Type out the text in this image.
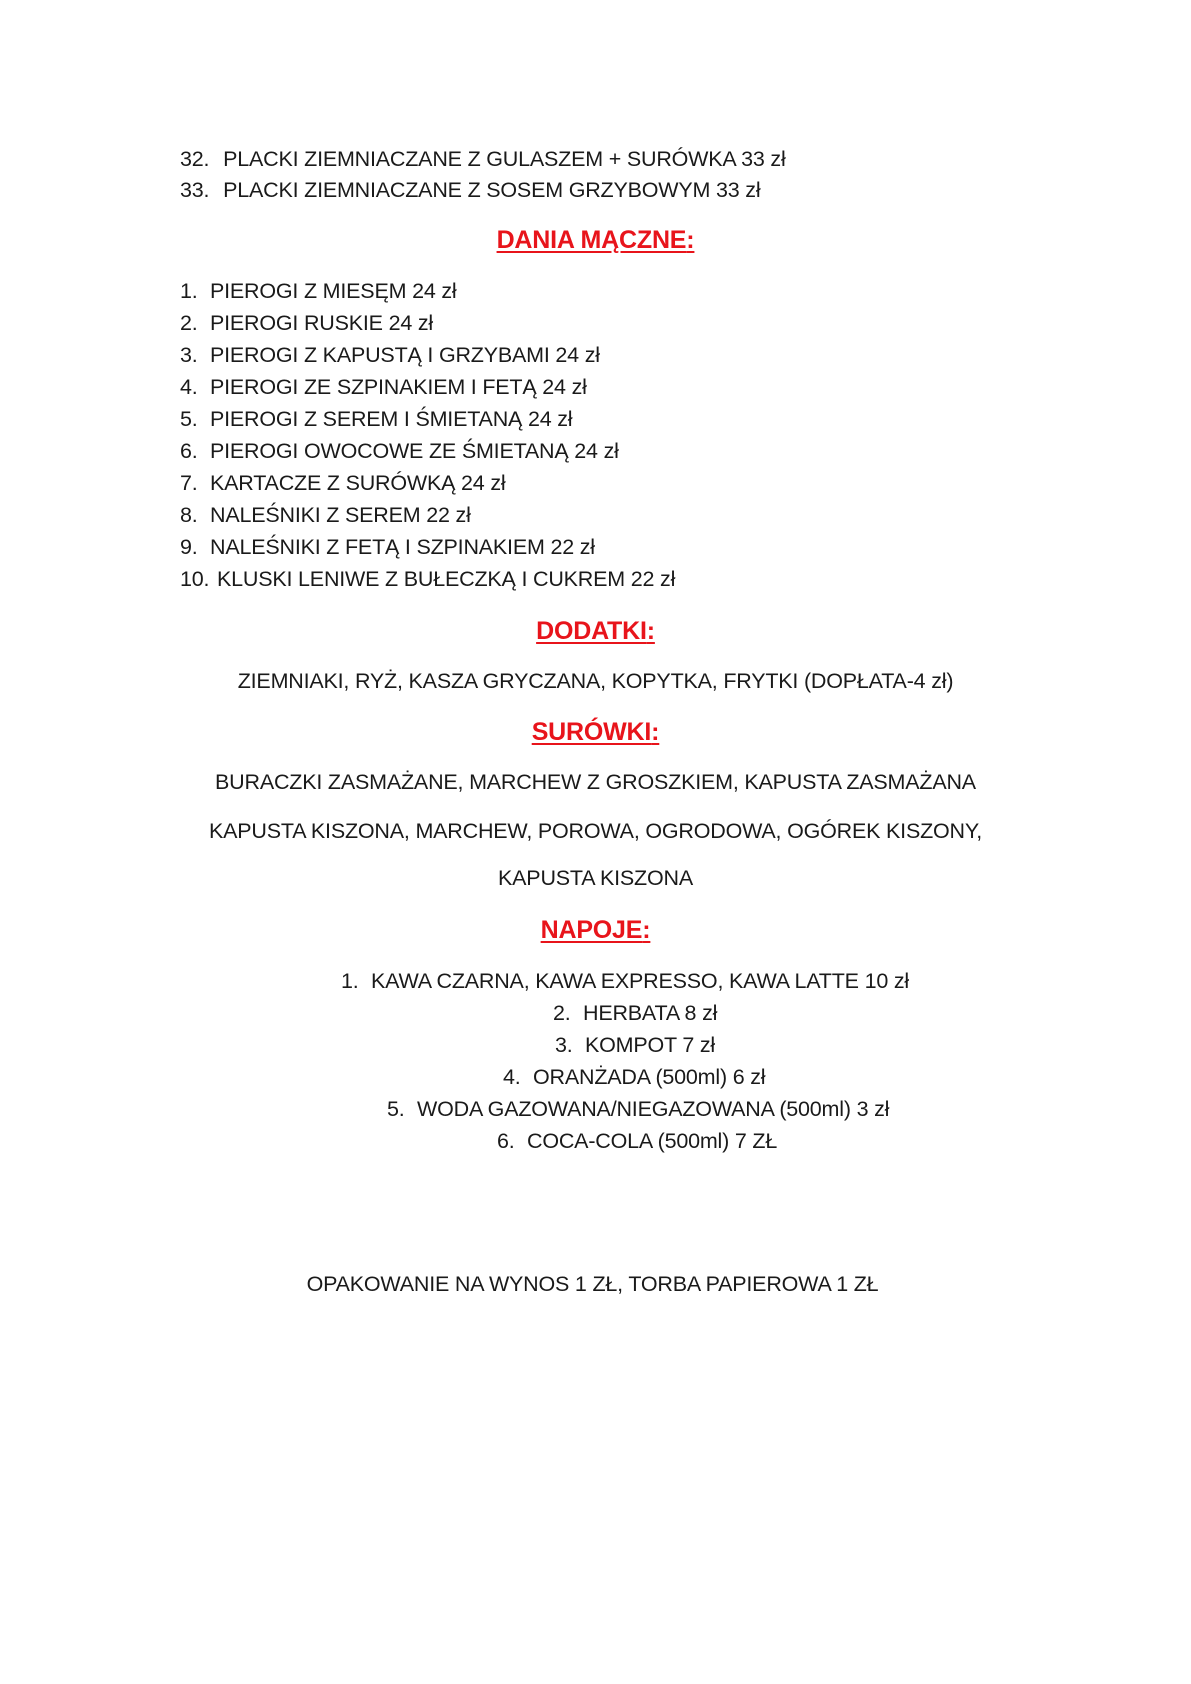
32. PLACKI ZIEMNIACZANE Z GULASZEM + SURÓWKA 33 zł
33. PLACKI ZIEMNIACZANE Z SOSEM GRZYBOWYM 33 zł
DANIA MĄCZNE:
1. PIEROGI Z MIESĘM 24 zł
2. PIEROGI RUSKIE 24 zł
3. PIEROGI Z KAPUSTĄ I GRZYBAMI 24 zł
4. PIEROGI ZE SZPINAKIEM I FETĄ 24 zł
5. PIEROGI Z SEREM I ŚMIETANĄ 24 zł
6. PIEROGI OWOCOWE ZE ŚMIETANĄ 24 zł
7. KARTACZE Z SURÓWKĄ 24 zł
8. NALEŚNIKI Z SEREM 22 zł
9. NALEŚNIKI Z FETĄ I SZPINAKIEM 22 zł
10. KLUSKI LENIWE Z BUŁECZKĄ I CUKREM 22 zł
DODATKI:
ZIEMNIAKI, RYŻ, KASZA GRYCZANA, KOPYTKA, FRYTKI (DOPŁATA-4 zł)
SURÓWKI:
BURACZKI ZASMAŻANE, MARCHEW Z GROSZKIEM, KAPUSTA ZASMAŻANA
KAPUSTA KISZONA, MARCHEW, POROWA, OGRODOWA, OGÓREK KISZONY,
KAPUSTA KISZONA
NAPOJE:
1. KAWA CZARNA, KAWA EXPRESSO, KAWA LATTE 10 zł
2. HERBATA 8 zł
3. KOMPOT 7 zł
4. ORANŻADA (500ml) 6 zł
5. WODA GAZOWANA/NIEGAZOWANA (500ml) 3 zł
6. COCA-COLA (500ml) 7 ZŁ
OPAKOWANIE NA WYNOS 1 ZŁ, TORBA PAPIEROWA 1 ZŁ
